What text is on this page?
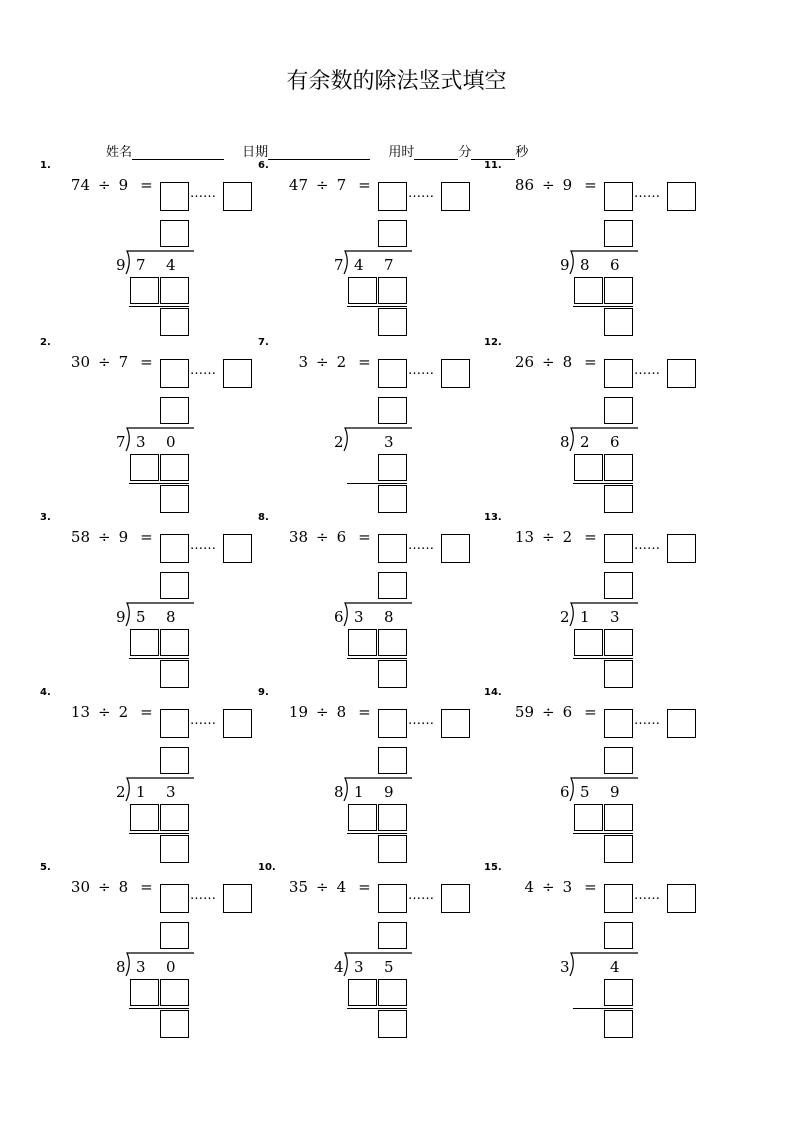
有余数的除法竖式填空
姓名	日期	用时	分	秒
1.
74 ÷ 9 =	……
9 7 4
2.
30 ÷ 7 =	……
7 3 0
3.
58 ÷ 9 =	……
9 5 8
4.
13 ÷ 2 =	……
2 1 3
5.
30 ÷ 8 =	……
8 3 0
6.
47 ÷ 7 =	……
7 4 7
7.
3 ÷ 2 =	……
2	3
8.
38 ÷ 6 =	……
6 3 8
9.
19 ÷ 8 =	……
8 1 9
10.
35 ÷ 4 =	……
4 3 5
11.
86 ÷ 9 =	……
9 8 6
12.
26 ÷ 8 =	……
8 2 6
13.
13 ÷ 2 =	……
2 1 3
14.
59 ÷ 6 =	……
6 5 9
15.
4 ÷ 3 =	……
3	4
